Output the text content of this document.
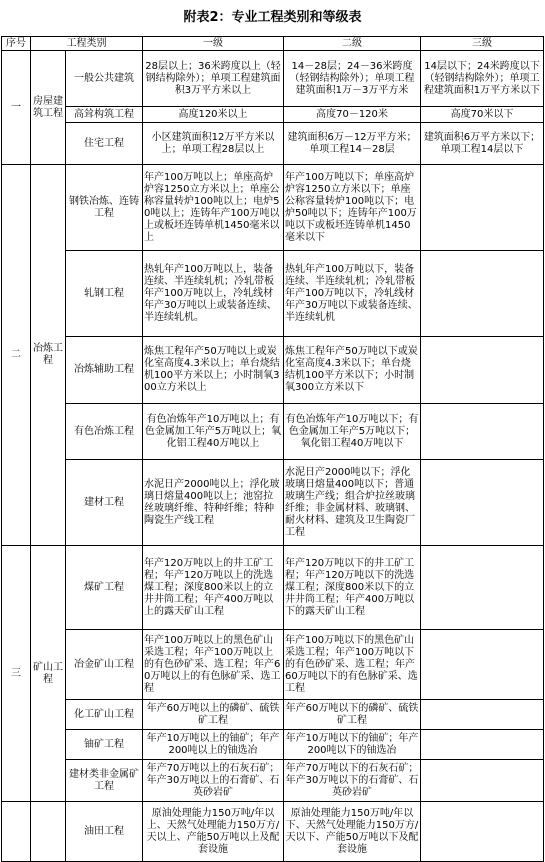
附表2：专业工程类别和等级表
序号	工程类别		一级	二级	三级
一	房屋建筑工程	一般公共建筑	28层以上；36米跨度以上（轻钢结构除外）；单项工程建筑面积3万平方米以上	14－28层；24－36米跨度（轻钢结构除外）；单项工程建筑面积1万－3万平方米	14层以下；24米跨度以下（轻钢结构除外）；单项工程建筑面积1万平方米以下
		高耸构筑工程	高度120米以上	高度70－120米	高度70米以下
		住宅工程	小区建筑面积12万平方米以上；单项工程28层以上	建筑面积6万－12万平方米；单项工程14－28层	建筑面积6万平方米以下；单项工程14层以下
二	冶炼工程	钢铁冶炼、连铸工程	年产100万吨以上；单座高炉炉容1250立方米以上；单座公称容量转炉100吨以上；电炉50吨以上；连铸年产100万吨以上或板坯连铸单机1450毫米以上	年产100万吨以下；单座高炉炉容1250立方米以下；单座公称容量转炉100吨以下；电炉50吨以下；连铸年产100万吨以下或板坯连铸单机1450毫米以下	
		轧钢工程	热轧年产100万吨以上，装备连续、半连续轧机；冷轧带板年产100万吨以上，冷轧线材年产30万吨以上或装备连续、半连续轧机。	热轧年产100万吨以下，装备连续、半连续轧机；冷轧带板年产100万吨以下，冷轧线材年产30万吨以下或装备连续、半连续轧机	
		冶炼辅助工程	炼焦工程年产50万吨以上或炭化室高度4.3米以上；单台烧结机100平方米以上；小时制氧300立方米以上	炼焦工程年产50万吨以下或炭化室高度4.3米以下；单台烧结机100平方米以下；小时制氧300立方米以下	
		有色冶炼工程	有色冶炼年产10万吨以上；有色金属加工年产5万吨以上；氧化铝工程40万吨以上	有色冶炼年产10万吨以下；有色金属加工年产5万吨以下；氧化铝工程40万吨以下	
		建材工程	水泥日产2000吨以上；浮化玻璃日熔量400吨以上；池窑拉丝玻璃纤维、特种纤维；特种陶瓷生产线工程	水泥日产2000吨以下；浮化玻璃日熔量400吨以下；普通玻璃生产线；组合炉拉丝玻璃纤维；非金属材料、玻璃钢、耐火材料、建筑及卫生陶瓷厂工程	
三	矿山工程	煤矿工程	年产120万吨以上的井工矿工程；年产120万吨以上的洗选煤工程；深度800米以上的立井井筒工程；年产400万吨以上的露天矿山工程	年产120万吨以下的井工矿工程；年产120万吨以下的洗选煤工程；深度800米以下的立井井筒工程；年产400万吨以下的露天矿山工程	
		冶金矿山工程	年产100万吨以上的黑色矿山采选工程；年产100万吨以上的有色砂矿采、选工程；年产60万吨以上的有色脉矿采、选工程	年产100万吨以下的黑色矿山采选工程；年产100万吨以下的有色砂矿采、选工程；年产60万吨以下的有色脉矿采、选工程	
		化工矿山工程	年产60万吨以上的磷矿、硫铁矿工程	年产60万吨以下的磷矿、硫铁矿工程	
		铀矿工程	年产10万吨以上的铀矿；年产200吨以上的铀选冶	年产10万吨以下的铀矿；年产200吨以下的铀选冶	
		建材类非金属矿工程	年产70万吨以上的石灰石矿；年产30万吨以上的石膏矿、石英砂岩矿	年产70万吨以下的石灰石矿；年产30万吨以下的石膏矿、石英砂岩矿	
		油田工程	原油处理能力150万吨/年以上、天然气处理能力150万方/天以上、产能50万吨以上及配套设施	原油处理能力150万吨/年以下、天然气处理能力150万方/天以下、产能50万吨以下及配套设施	
